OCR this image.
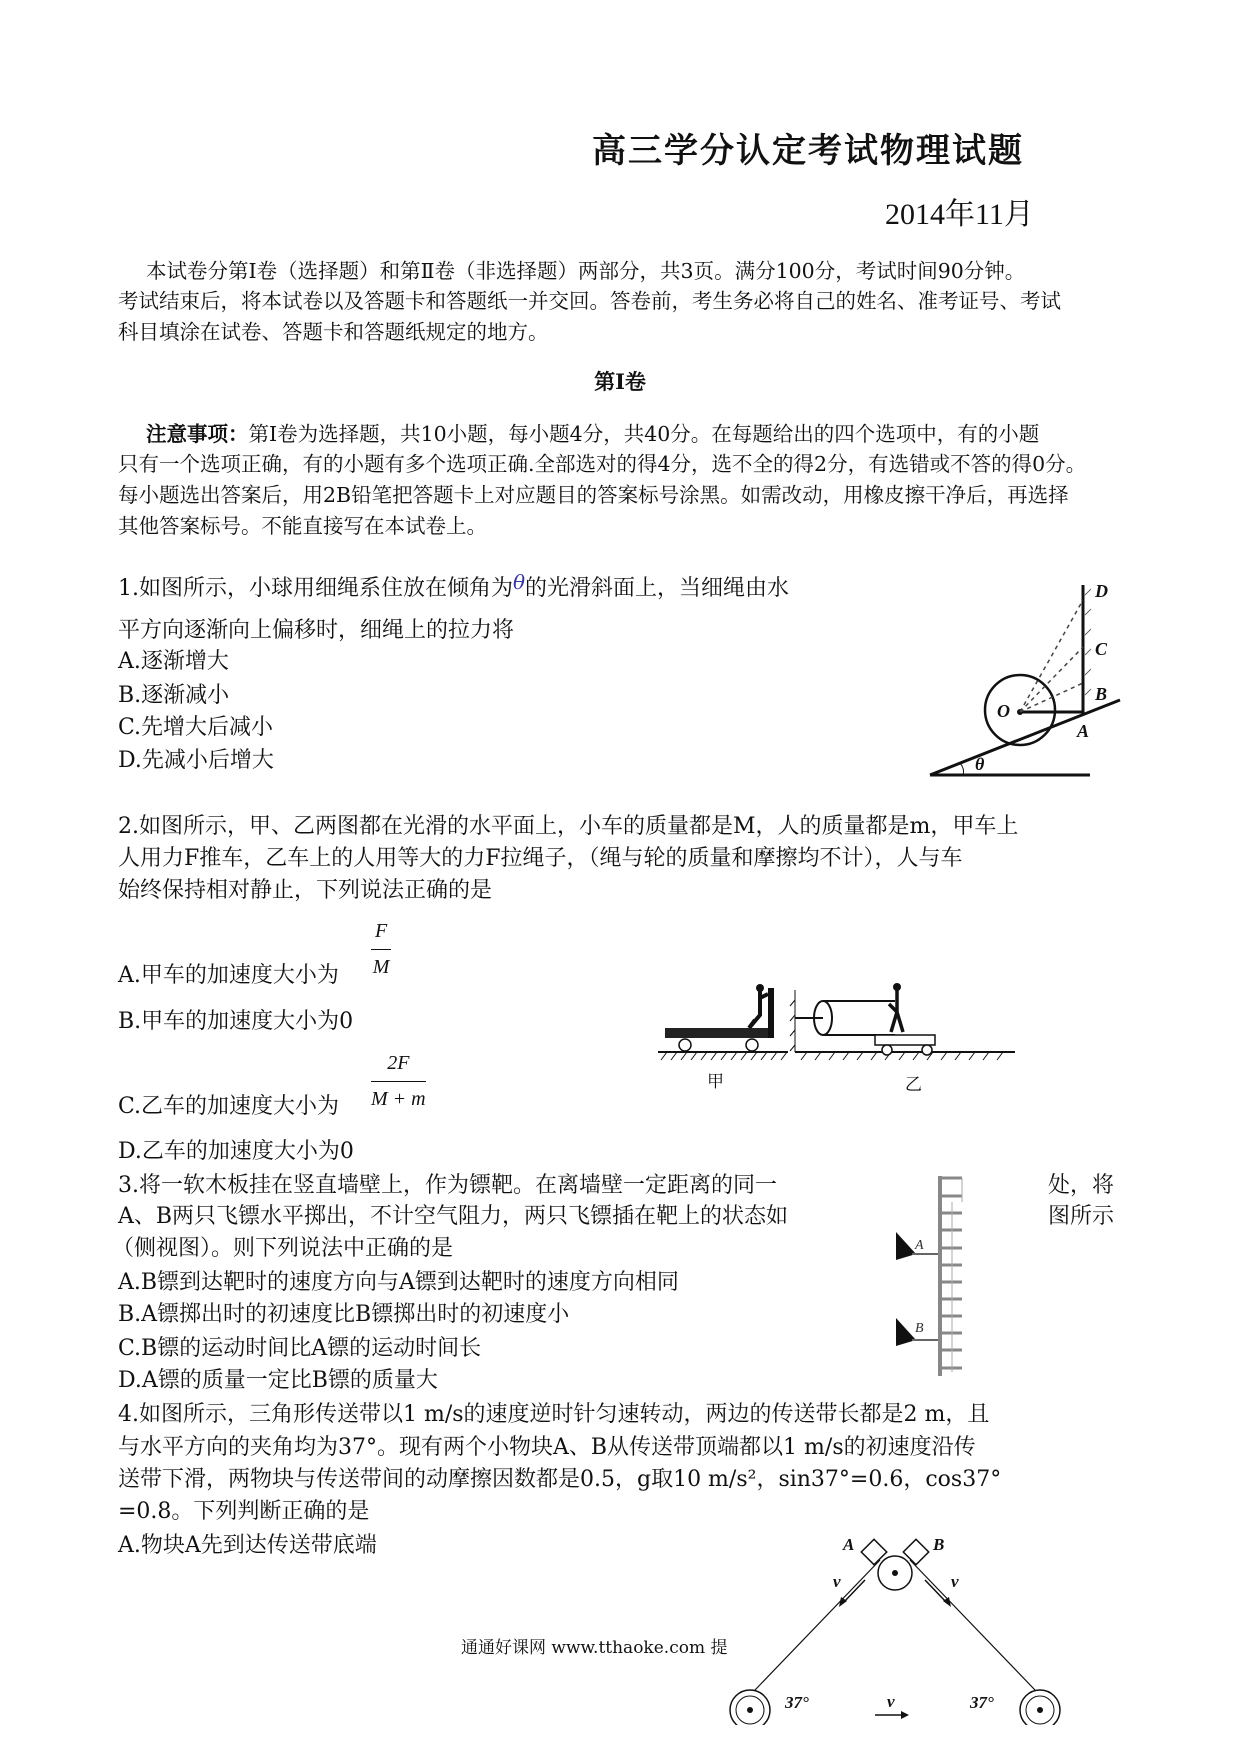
高三学分认定考试物理试题
2014年11月
本试卷分第Ⅰ卷（选择题）和第Ⅱ卷（非选择题）两部分，共3页。满分100分，考试时间90分钟。
考试结束后，将本试卷以及答题卡和答题纸一并交回。答卷前，考生务必将自己的姓名、准考证号、考试
科目填涂在试卷、答题卡和答题纸规定的地方。
第Ⅰ卷
注意事项：第Ⅰ卷为选择题，共10小题，每小题4分，共40分。在每题给出的四个选项中，有的小题
只有一个选项正确，有的小题有多个选项正确.全部选对的得4分，选不全的得2分，有选错或不答的得0分。
每小题选出答案后，用2B铅笔把答题卡上对应题目的答案标号涂黑。如需改动，用橡皮擦干净后，再选择
其他答案标号。不能直接写在本试卷上。
1.如图所示，小球用细绳系住放在倾角为θ的光滑斜面上，当细绳由水
平方向逐渐向上偏移时，细绳上的拉力将
A.逐渐增大
B.逐渐减小
C.先增大后减小
D.先减小后增大
D
C
B
O
A
θ
2.如图所示，甲、乙两图都在光滑的水平面上，小车的质量都是M，人的质量都是m，甲车上
人用力F推车，乙车上的人用等大的力F拉绳子，（绳与轮的质量和摩擦均不计），人与车
始终保持相对静止，下列说法正确的是
A.甲车的加速度大小为 $\frac{F}{M}$
B.甲车的加速度大小为0
C.乙车的加速度大小为 $\frac{2F}{M + m}$
D.乙车的加速度大小为0
甲	乙
3.将一软木板挂在竖直墙壁上，作为镖靶。在离墙壁一定距离的同一
A、B两只飞镖水平掷出，不计空气阻力，两只飞镖插在靶上的状态如
（侧视图）。则下列说法中正确的是
处，将
图所示
A.B镖到达靶时的速度方向与A镖到达靶时的速度方向相同
B.A镖掷出时的初速度比B镖掷出时的初速度小
C.B镖的运动时间比A镖的运动时间长
D.A镖的质量一定比B镖的质量大
A
B
4.如图所示，三角形传送带以1 m/s的速度逆时针匀速转动，两边的传送带长都是2 m，且
与水平方向的夹角均为37°。现有两个小物块A、B从传送带顶端都以1 m/s的初速度沿传
送带下滑，两物块与传送带间的动摩擦因数都是0.5，g取10 m/s²，sin37°=0.6，cos37°
=0.8。下列判断正确的是
A.物块A先到达传送带底端	A	B
v	v
v
37°	37°
通通好课网 www.tthaoke.com 提
